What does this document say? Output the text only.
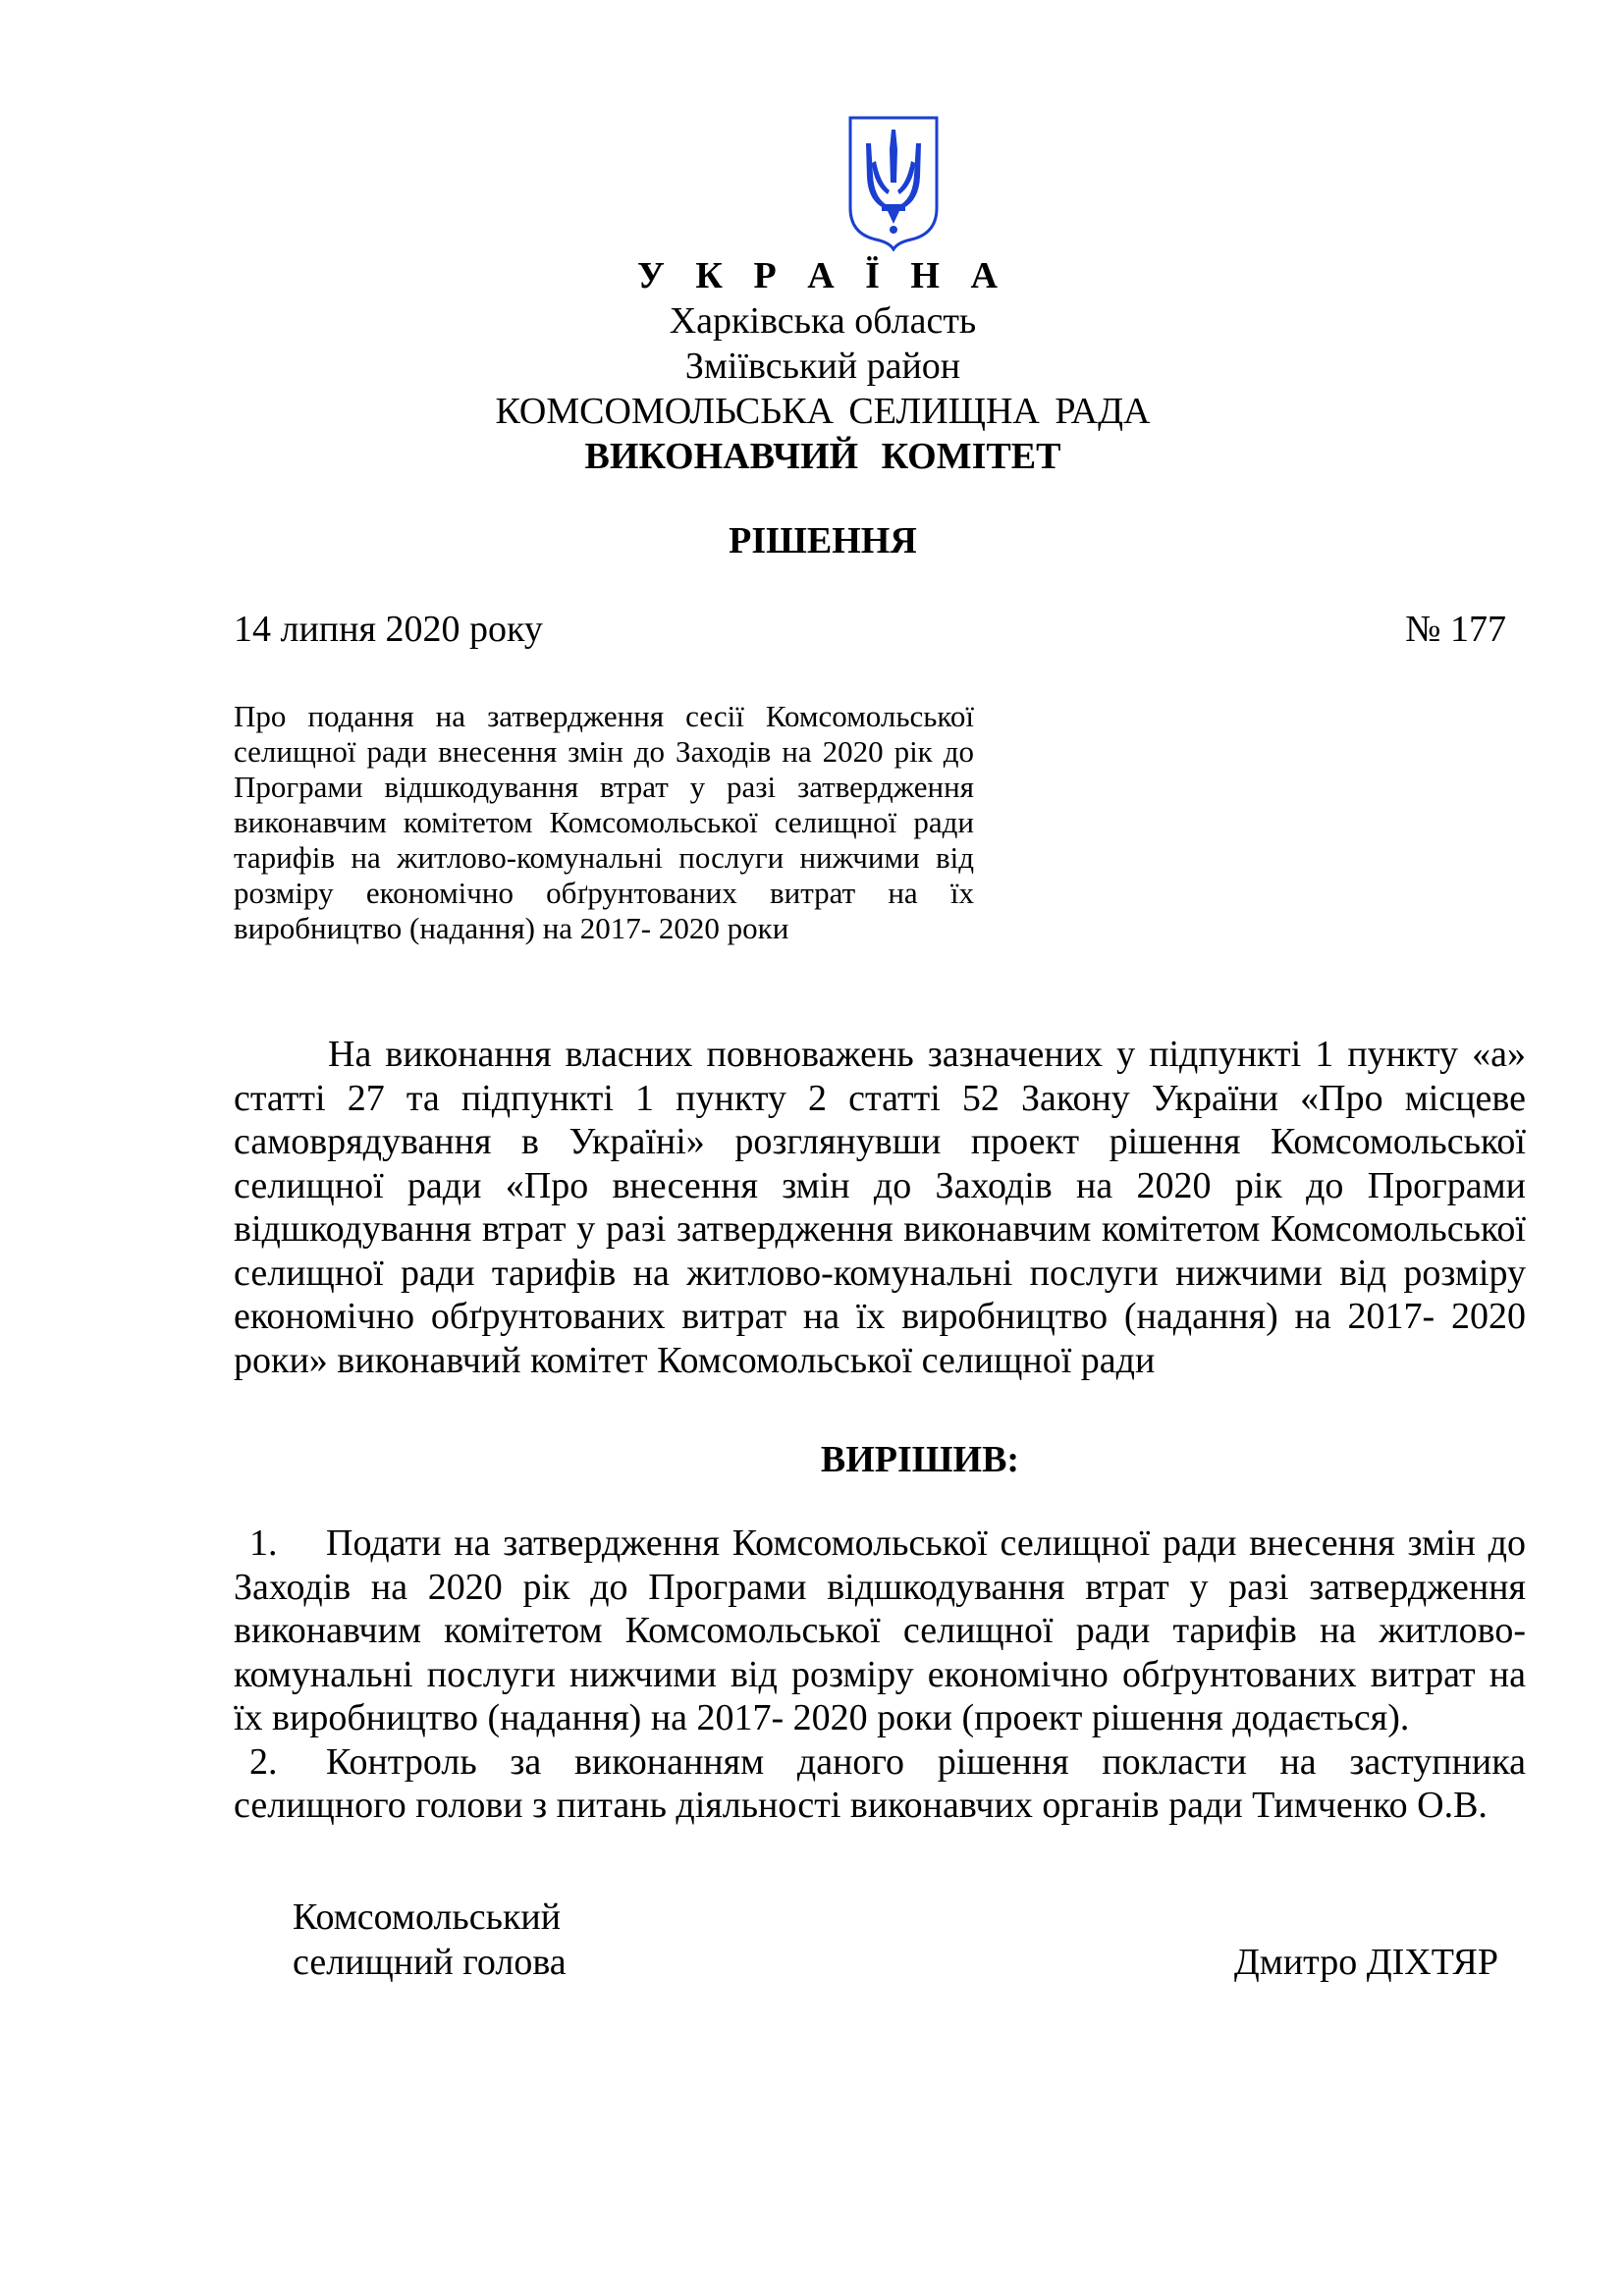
У К Р А Ї Н А
Харківська область
Зміївський район
КОМСОМОЛЬСЬКА СЕЛИЩНА РАДА
ВИКОНАВЧИЙ КОМІТЕТ
РІШЕННЯ
14 липня 2020 року	№ 177
Про подання на затвердження сесії Комсомольської селищної ради внесення змін до Заходів на 2020 рік до Програми відшкодування втрат у разі затвердження виконавчим комітетом Комсомольської селищної ради тарифів на житлово-комунальні послуги нижчими від розміру економічно обґрунтованих витрат на їх виробництво (надання) на 2017- 2020 роки
На виконання власних повноважень зазначених у підпункті 1 пункту «а» статті 27 та підпункті 1 пункту 2 статті 52 Закону України «Про місцеве самоврядування в Україні» розглянувши проект рішення Комсомольської селищної ради «Про внесення змін до Заходів на 2020 рік до Програми відшкодування втрат у разі затвердження виконавчим комітетом Комсомольської селищної ради тарифів на житлово-комунальні послуги нижчими від розміру економічно обґрунтованих витрат на їх виробництво (надання) на 2017- 2020 роки» виконавчий комітет Комсомольської селищної ради
ВИРІШИВ:
1. Подати на затвердження Комсомольської селищної ради внесення змін до Заходів на 2020 рік до Програми відшкодування втрат у разі затвердження виконавчим комітетом Комсомольської селищної ради тарифів на житлово-комунальні послуги нижчими від розміру економічно обґрунтованих витрат на їх виробництво (надання) на 2017- 2020 роки (проект рішення додається).
2. Контроль за виконанням даного рішення покласти на заступника селищного голови з питань діяльності виконавчих органів ради Тимченко О.В.
Комсомольський
селищний голова	Дмитро ДІХТЯР
